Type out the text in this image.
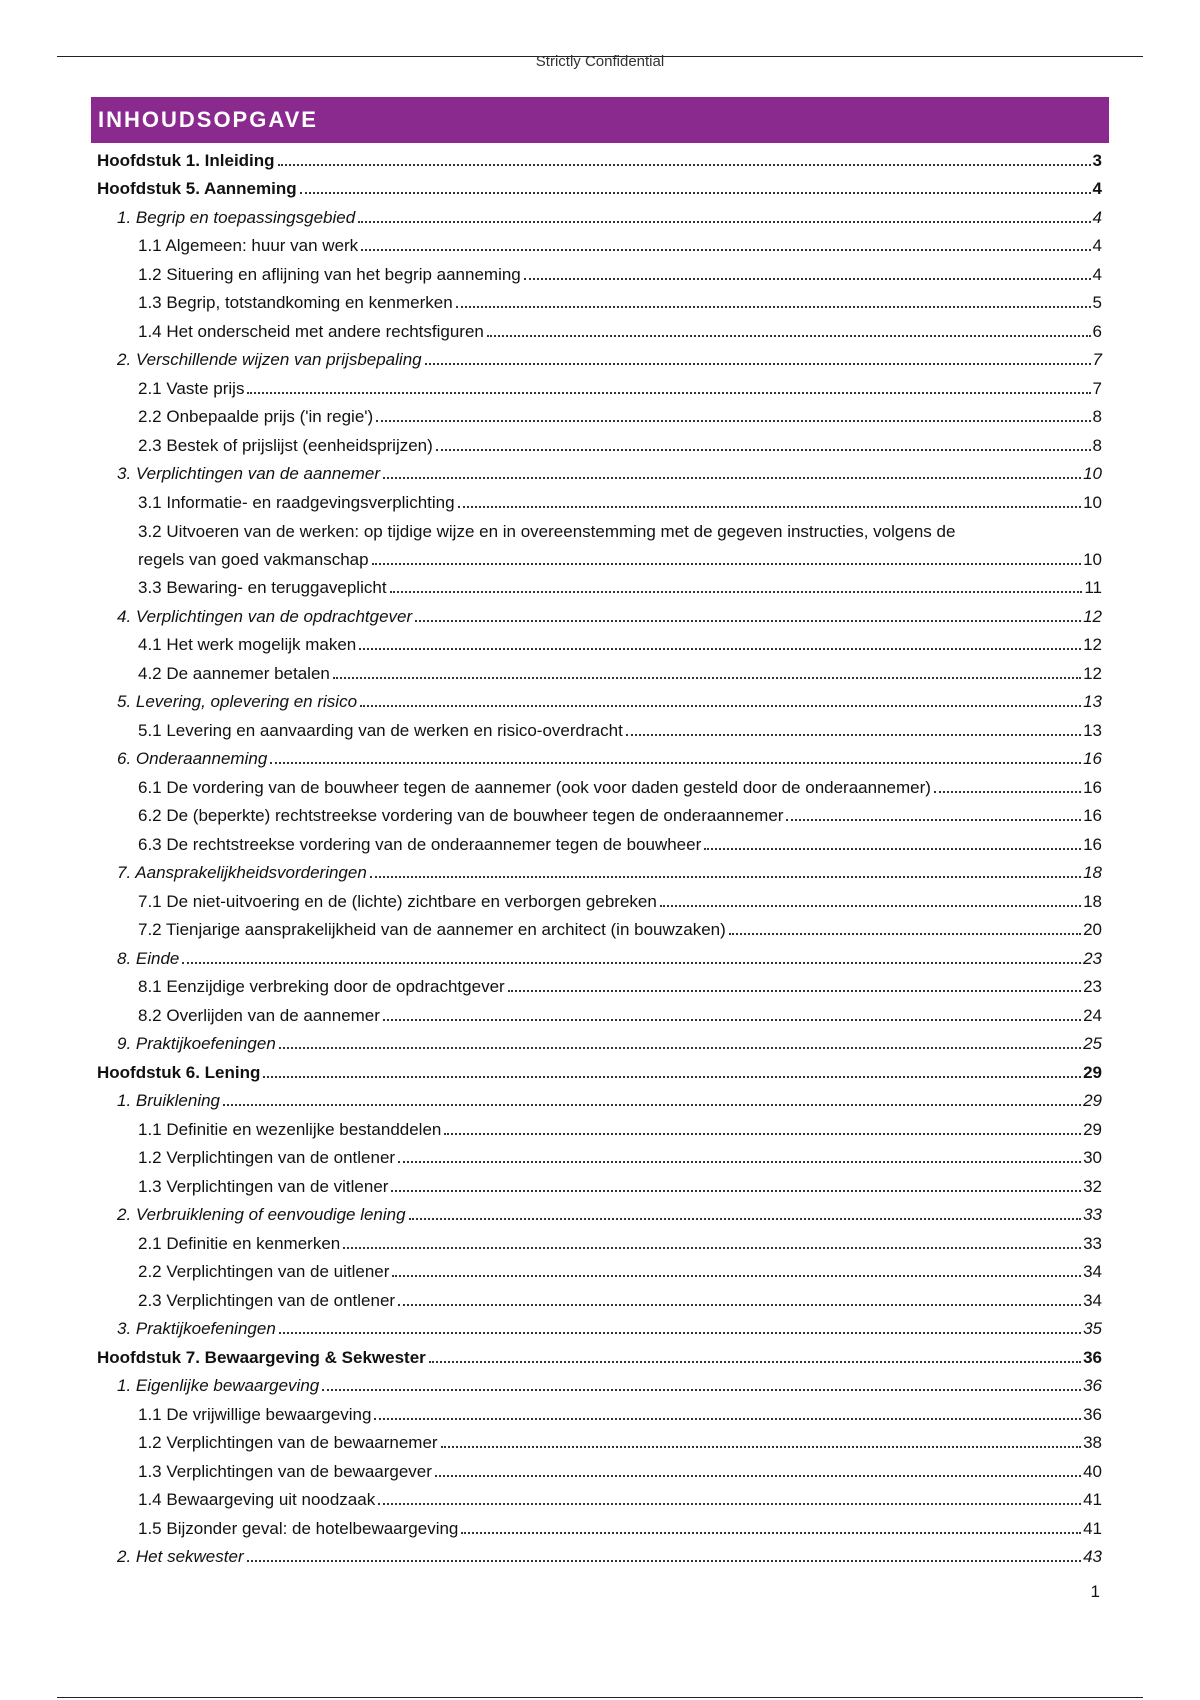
Strictly Confidential
INHOUDSOPGAVE
Hoofdstuk 1. Inleiding	3
Hoofdstuk 5. Aanneming	4
1. Begrip en toepassingsgebied	4
1.1 Algemeen: huur van werk	4
1.2 Situering en aflijning van het begrip aanneming	4
1.3 Begrip, totstandkoming en kenmerken	5
1.4 Het onderscheid met andere rechtsfiguren	6
2. Verschillende wijzen van prijsbepaling	7
2.1 Vaste prijs	7
2.2 Onbepaalde prijs ('in regie')	8
2.3 Bestek of prijslijst (eenheidsprijzen)	8
3. Verplichtingen van de aannemer	10
3.1 Informatie- en raadgevingsverplichting	10
3.2 Uitvoeren van de werken: op tijdige wijze en in overeenstemming met de gegeven instructies, volgens de
regels van goed vakmanschap	10
3.3 Bewaring- en teruggaveplicht	11
4. Verplichtingen van de opdrachtgever	12
4.1 Het werk mogelijk maken	12
4.2 De aannemer betalen	12
5. Levering, oplevering en risico	13
5.1 Levering en aanvaarding van de werken en risico-overdracht	13
6. Onderaanneming	16
6.1 De vordering van de bouwheer tegen de aannemer (ook voor daden gesteld door de onderaannemer)	16
6.2 De (beperkte) rechtstreekse vordering van de bouwheer tegen de onderaannemer	16
6.3 De rechtstreekse vordering van de onderaannemer tegen de bouwheer	16
7. Aansprakelijkheidsvorderingen	18
7.1 De niet-uitvoering en de (lichte) zichtbare en verborgen gebreken	18
7.2 Tienjarige aansprakelijkheid van de aannemer en architect (in bouwzaken)	20
8. Einde	23
8.1 Eenzijdige verbreking door de opdrachtgever	23
8.2 Overlijden van de aannemer	24
9. Praktijkoefeningen	25
Hoofdstuk 6. Lening	29
1. Bruiklening	29
1.1 Definitie en wezenlijke bestanddelen	29
1.2 Verplichtingen van de ontlener	30
1.3 Verplichtingen van de vitlener	32
2. Verbruiklening of eenvoudige lening	33
2.1 Definitie en kenmerken	33
2.2 Verplichtingen van de uitlener	34
2.3 Verplichtingen van de ontlener	34
3. Praktijkoefeningen	35
Hoofdstuk 7. Bewaargeving & Sekwester	36
1. Eigenlijke bewaargeving	36
1.1 De vrijwillige bewaargeving	36
1.2 Verplichtingen van de bewaarnemer	38
1.3 Verplichtingen van de bewaargever	40
1.4 Bewaargeving uit noodzaak	41
1.5 Bijzonder geval: de hotelbewaargeving	41
2. Het sekwester	43
1
